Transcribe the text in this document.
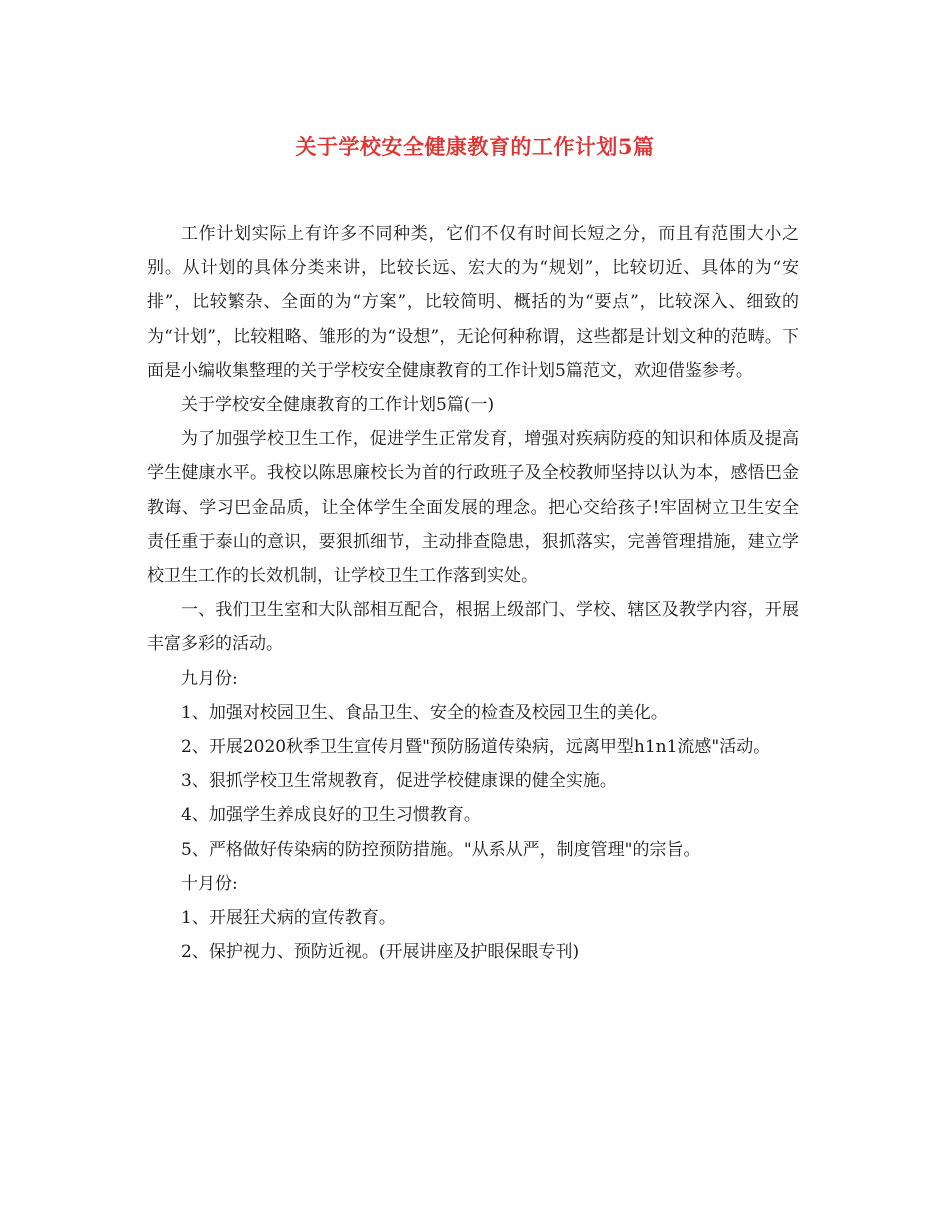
关于学校安全健康教育的工作计划5篇

工作计划实际上有许多不同种类，它们不仅有时间长短之分，而且有范围大小之别。从计划的具体分类来讲，比较长远、宏大的为“规划”，比较切近、具体的为“安排”，比较繁杂、全面的为“方案”，比较简明、概括的为“要点”，比较深入、细致的为“计划”，比较粗略、雏形的为“设想”，无论何种称谓，这些都是计划文种的范畴。下面是小编收集整理的关于学校安全健康教育的工作计划5篇范文，欢迎借鉴参考。

关于学校安全健康教育的工作计划5篇(一)

为了加强学校卫生工作，促进学生正常发育，增强对疾病防疫的知识和体质及提高学生健康水平。我校以陈思廉校长为首的行政班子及全校教师坚持以认为本，感悟巴金教诲、学习巴金品质，让全体学生全面发展的理念。把心交给孩子!牢固树立卫生安全责任重于泰山的意识，要狠抓细节，主动排查隐患，狠抓落实，完善管理措施，建立学校卫生工作的长效机制，让学校卫生工作落到实处。

一、我们卫生室和大队部相互配合，根据上级部门、学校、辖区及教学内容，开展丰富多彩的活动。

九月份:

1、加强对校园卫生、食品卫生、安全的检查及校园卫生的美化。

2、开展2020秋季卫生宣传月暨"预防肠道传染病，远离甲型h1n1流感"活动。

3、狠抓学校卫生常规教育，促进学校健康课的健全实施。

4、加强学生养成良好的卫生习惯教育。

5、严格做好传染病的防控预防措施。"从系从严，制度管理"的宗旨。

十月份:

1、开展狂犬病的宣传教育。

2、保护视力、预防近视。(开展讲座及护眼保眼专刊)
